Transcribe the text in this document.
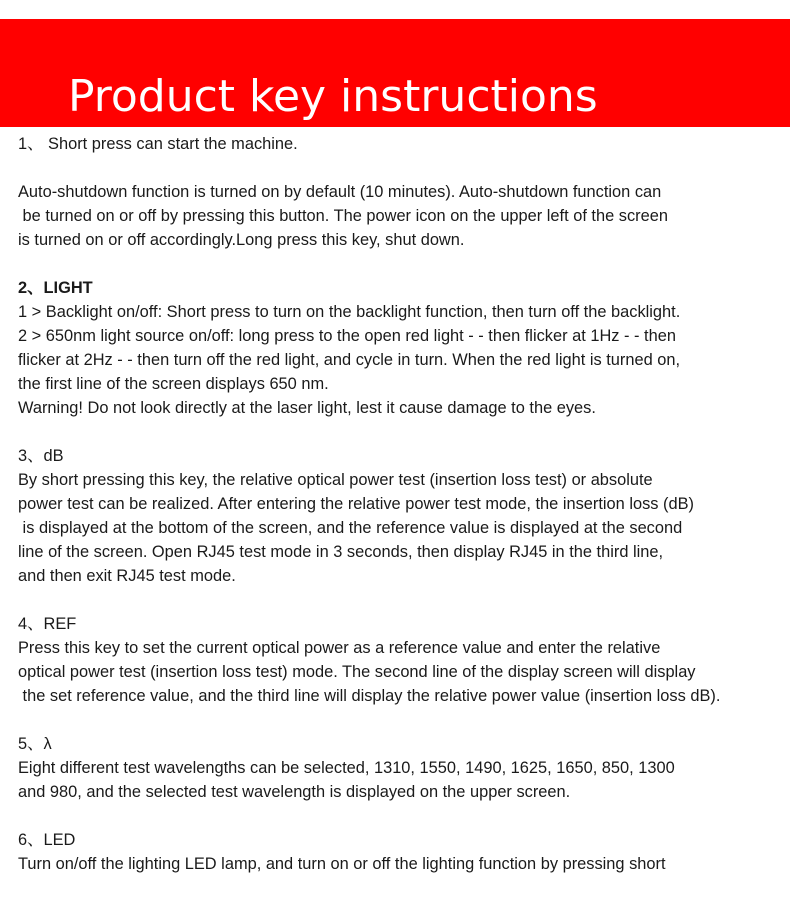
Product key instructions
1、 Short press can start the machine.
Auto-shutdown function is turned on by default (10 minutes). Auto-shutdown function can
be turned on or off by pressing this button. The power icon on the upper left of the screen
is turned on or off accordingly.Long press this key, shut down.
2、LIGHT
1 > Backlight on/off: Short press to turn on the backlight function, then turn off the backlight.
2 > 650nm light source on/off: long press to the open red light - - then flicker at 1Hz - - then
flicker at 2Hz - - then turn off the red light, and cycle in turn. When the red light is turned on,
the first line of the screen displays 650 nm.
Warning! Do not look directly at the laser light, lest it cause damage to the eyes.
3、dB
By short pressing this key, the relative optical power test (insertion loss test) or absolute
power test can be realized. After entering the relative power test mode, the insertion loss (dB)
is displayed at the bottom of the screen, and the reference value is displayed at the second
line of the screen. Open RJ45 test mode in 3 seconds, then display RJ45 in the third line,
and then exit RJ45 test mode.
4、REF
Press this key to set the current optical power as a reference value and enter the relative
optical power test (insertion loss test) mode. The second line of the display screen will display
the set reference value, and the third line will display the relative power value (insertion loss dB).
5、λ
Eight different test wavelengths can be selected, 1310, 1550, 1490, 1625, 1650, 850, 1300
and 980, and the selected test wavelength is displayed on the upper screen.
6、LED
Turn on/off the lighting LED lamp, and turn on or off the lighting function by pressing short
